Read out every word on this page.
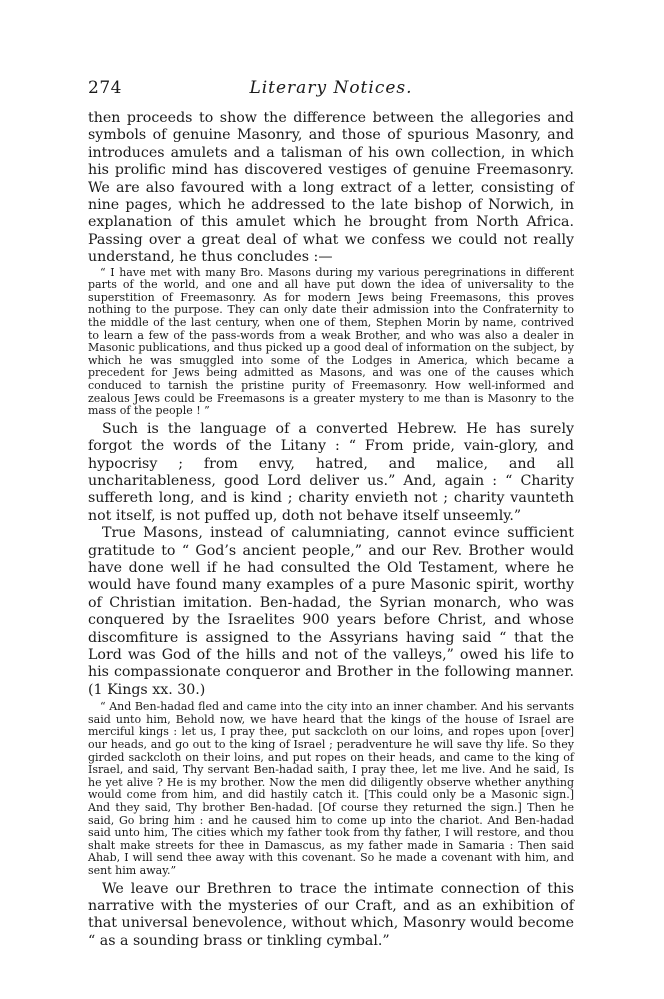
274	Literary Notices.

then proceeds to show the difference between the allegories and symbols of genuine Masonry, and those of spurious Masonry, and introduces amulets and a talisman of his own collection, in which his prolific mind has discovered vestiges of genuine Freemasonry. We are also favoured with a long extract of a letter, consisting of nine pages, which he addressed to the late bishop of Norwich, in explanation of this amulet which he brought from North Africa. Passing over a great deal of what we confess we could not really understand, he thus concludes :—

“ I have met with many Bro. Masons during my various peregrinations in different parts of the world, and one and all have put down the idea of universality to the superstition of Freemasonry. As for modern Jews being Freemasons, this proves nothing to the purpose. They can only date their admission into the Confraternity to the middle of the last century, when one of them, Stephen Morin by name, contrived to learn a few of the pass-words from a weak Brother, and who was also a dealer in Masonic publications, and thus picked up a good deal of information on the subject, by which he was smuggled into some of the Lodges in America, which became a precedent for Jews being admitted as Masons, and was one of the causes which conduced to tarnish the pristine purity of Freemasonry. How well-informed and zealous Jews could be Freemasons is a greater mystery to me than is Masonry to the mass of the people ! ”

Such is the language of a converted Hebrew. He has surely forgot the words of the Litany : “ From pride, vain-glory, and hypocrisy ; from envy, hatred, and malice, and all uncharitableness, good Lord deliver us.” And, again : “ Charity suffereth long, and is kind ; charity envieth not ; charity vaunteth not itself, is not puffed up, doth not behave itself unseemly.”

True Masons, instead of calumniating, cannot evince sufficient gratitude to “ God’s ancient people,” and our Rev. Brother would have done well if he had consulted the Old Testament, where he would have found many examples of a pure Masonic spirit, worthy of Christian imitation. Ben-hadad, the Syrian monarch, who was conquered by the Israelites 900 years before Christ, and whose discomfiture is assigned to the Assyrians having said “ that the Lord was God of the hills and not of the valleys,” owed his life to his compassionate conqueror and Brother in the following manner. (1 Kings xx. 30.)

“ And Ben-hadad fled and came into the city into an inner chamber. And his servants said unto him, Behold now, we have heard that the kings of the house of Israel are merciful kings : let us, I pray thee, put sackcloth on our loins, and ropes upon [over] our heads, and go out to the king of Israel ; peradventure he will save thy life. So they girded sackcloth on their loins, and put ropes on their heads, and came to the king of Israel, and said, Thy servant Ben-hadad saith, I pray thee, let me live. And he said, Is he yet alive ? He is my brother. Now the men did diligently observe whether anything would come from him, and did hastily catch it. [This could only be a Masonic sign.] And they said, Thy brother Ben-hadad. [Of course they returned the sign.] Then he said, Go bring him : and he caused him to come up into the chariot. And Ben-hadad said unto him, The cities which my father took from thy father, I will restore, and thou shalt make streets for thee in Damascus, as my father made in Samaria : Then said Ahab, I will send thee away with this covenant. So he made a covenant with him, and sent him away.”

We leave our Brethren to trace the intimate connection of this narrative with the mysteries of our Craft, and as an exhibition of that universal benevolence, without which, Masonry would become “ as a sounding brass or tinkling cymbal.”
